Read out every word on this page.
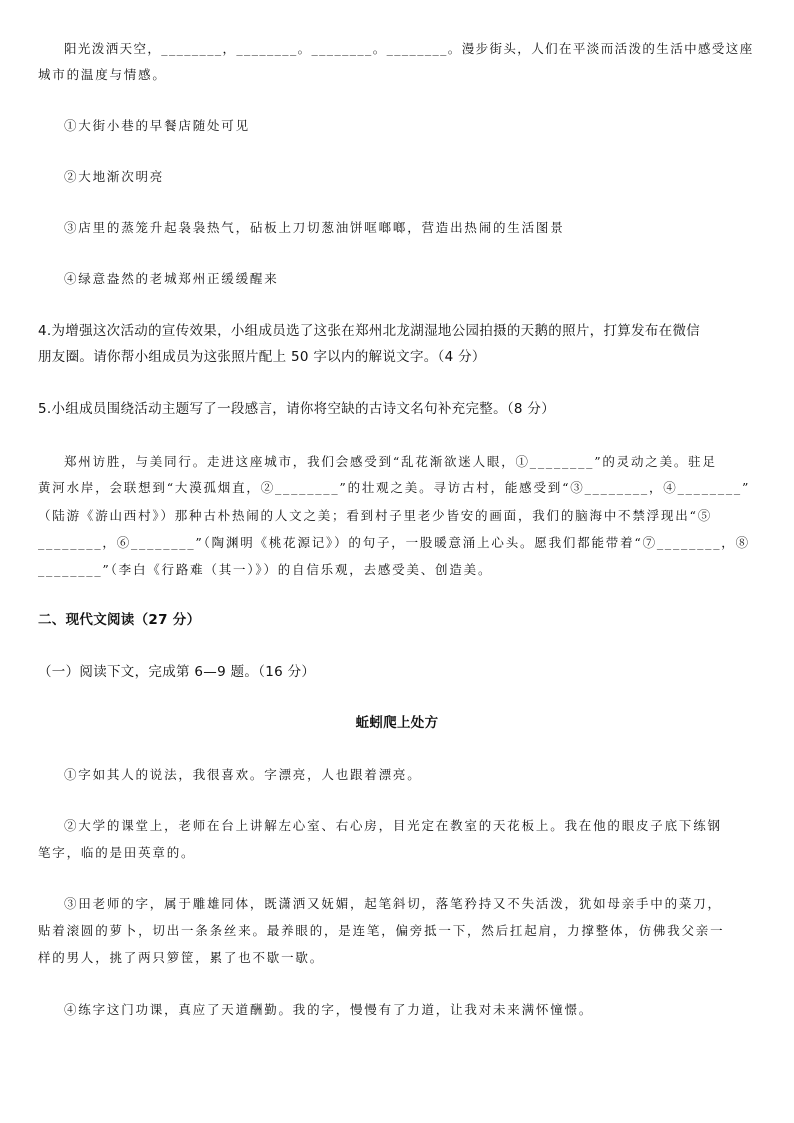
阳光泼洒天空，________，________。________。________。漫步街头，人们在平淡而活泼的生活中感受这座
城市的温度与情感。
①大街小巷的早餐店随处可见
②大地渐次明亮
③店里的蒸笼升起袅袅热气，砧板上刀切葱油饼哐啷啷，营造出热闹的生活图景
④绿意盎然的老城郑州正缓缓醒来
4.为增强这次活动的宣传效果，小组成员选了这张在郑州北龙湖湿地公园拍摄的天鹅的照片，打算发布在微信
朋友圈。请你帮小组成员为这张照片配上 50 字以内的解说文字。（4 分）
5.小组成员围绕活动主题写了一段感言，请你将空缺的古诗文名句补充完整。（8 分）
郑州访胜，与美同行。走进这座城市，我们会感受到“乱花渐欲迷人眼，①________”的灵动之美。驻足
黄河水岸，会联想到“大漠孤烟直，②________”的壮观之美。寻访古村，能感受到“③________，④________”
（陆游《游山西村》）那种古朴热闹的人文之美；看到村子里老少皆安的画面，我们的脑海中不禁浮现出“⑤
________，⑥________”（陶渊明《桃花源记》）的句子，一股暖意涌上心头。愿我们都能带着“⑦________，⑧
________”（李白《行路难（其一）》）的自信乐观，去感受美、创造美。
二、现代文阅读（27 分）
（一）阅读下文，完成第 6—9 题。（16 分）
蚯蚓爬上处方
①字如其人的说法，我很喜欢。字漂亮，人也跟着漂亮。
②大学的课堂上，老师在台上讲解左心室、右心房，目光定在教室的天花板上。我在他的眼皮子底下练钢
笔字，临的是田英章的。
③田老师的字，属于雕雄同体，既潇洒又妩媚，起笔斜切，落笔矜持又不失活泼，犹如母亲手中的菜刀，
贴着滚圆的萝卜，切出一条条丝来。最养眼的，是连笔，偏旁抵一下，然后扛起肩，力撑整体，仿佛我父亲一
样的男人，挑了两只箩筐，累了也不歇一歇。
④练字这门功课，真应了天道酬勤。我的字，慢慢有了力道，让我对未来满怀憧憬。
